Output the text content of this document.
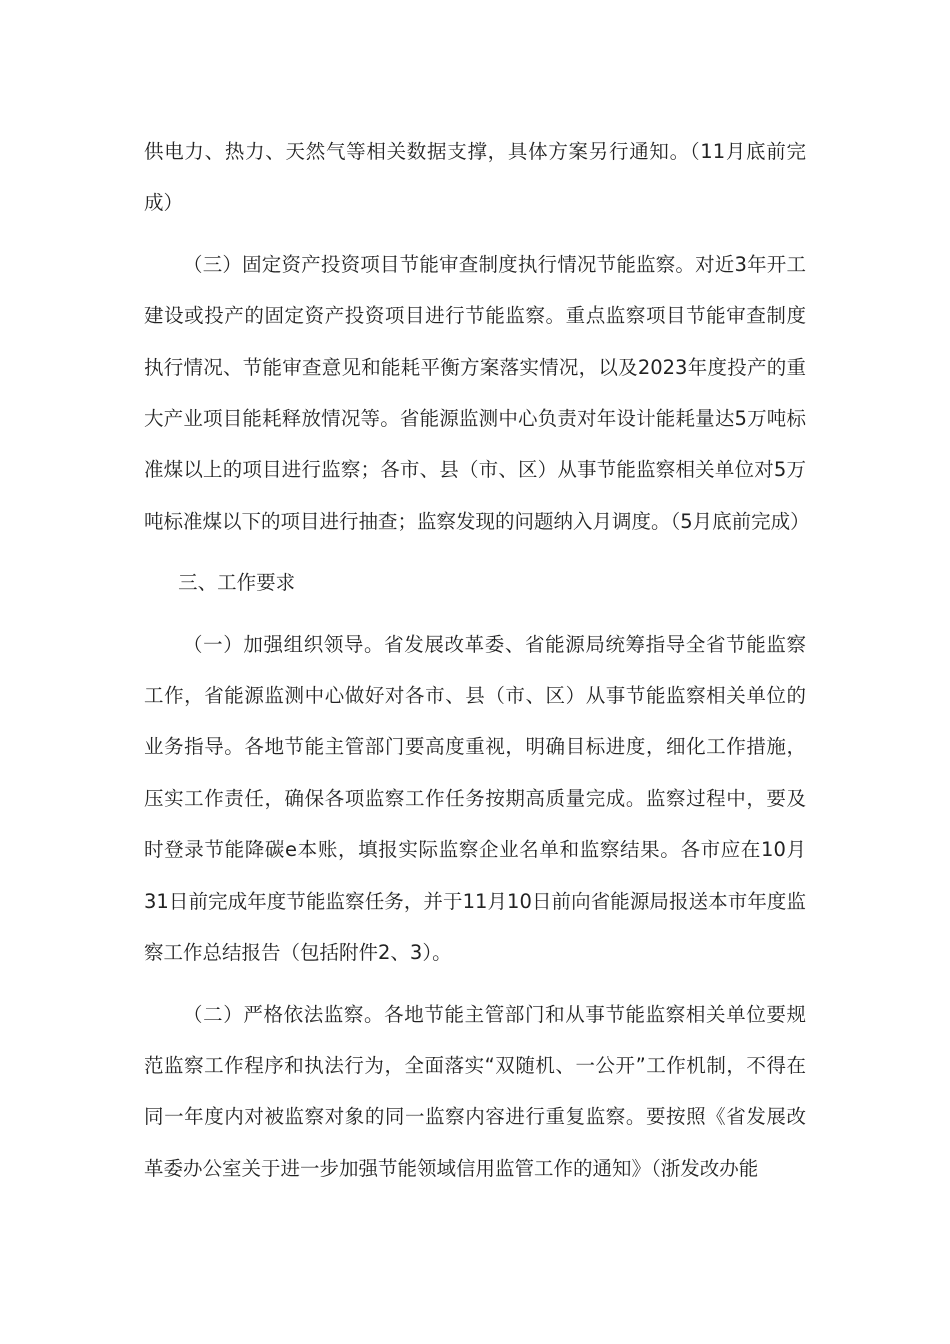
供电力、热力、天然气等相关数据支撑，具体方案另行通知。（11月底前完成）

（三）固定资产投资项目节能审查制度执行情况节能监察。对近3年开工建设或投产的固定资产投资项目进行节能监察。重点监察项目节能审查制度执行情况、节能审查意见和能耗平衡方案落实情况，以及2023年度投产的重大产业项目能耗释放情况等。省能源监测中心负责对年设计能耗量达5万吨标准煤以上的项目进行监察；各市、县（市、区）从事节能监察相关单位对5万吨标准煤以下的项目进行抽查；监察发现的问题纳入月调度。（5月底前完成）

三、工作要求

（一）加强组织领导。省发展改革委、省能源局统筹指导全省节能监察工作，省能源监测中心做好对各市、县（市、区）从事节能监察相关单位的业务指导。各地节能主管部门要高度重视，明确目标进度，细化工作措施，压实工作责任，确保各项监察工作任务按期高质量完成。监察过程中，要及时登录节能降碳e本账，填报实际监察企业名单和监察结果。各市应在10月31日前完成年度节能监察任务，并于11月10日前向省能源局报送本市年度监察工作总结报告（包括附件2、3）。

（二）严格依法监察。各地节能主管部门和从事节能监察相关单位要规范监察工作程序和执法行为，全面落实“双随机、一公开”工作机制，不得在同一年度内对被监察对象的同一监察内容进行重复监察。要按照《省发展改革委办公室关于进一步加强节能领域信用监管工作的通知》（浙发改办能
